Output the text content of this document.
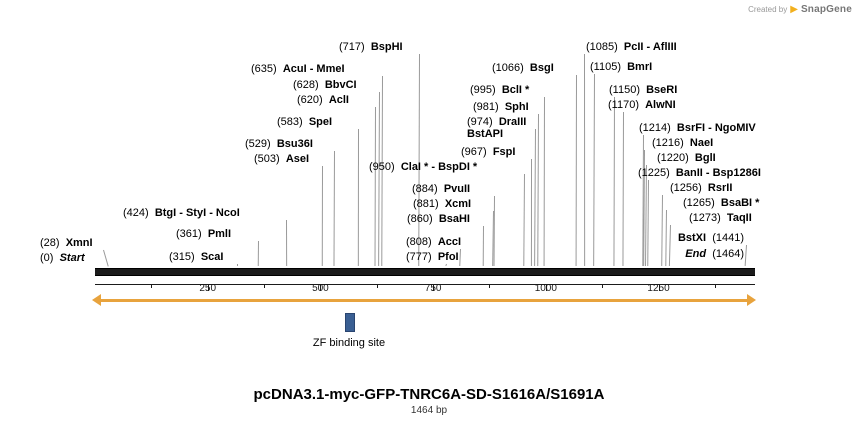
Created by ▶ SnapGene
250	500	750	1000	1250
ZF binding site
(28) XmnI
(0) Start
(424) BtgI - StyI - NcoI
(361) PmlI
(315) ScaI
(529) Bsu36I
(503) AseI
(583) SpeI
(620) AclI
(628) BbvCI
(635) AcuI - MmeI
(717) BspHI
(950) ClaI * - BspDI *
(884) PvuII
(881) XcmI
(860) BsaHI
(808) AccI
(777) PfoI
(967) FspI
(974) DraIII
BstAPI
(981) SphI
(995) BclI *
(1066) BsgI
(1085) PcII - AflIII
(1105) BmrI
(1150) BseRI
(1170) AlwNI
(1214) BsrFI - NgoMIV
(1216) NaeI
(1220) BglI
(1225) BanII - Bsp1286I
(1256) RsrII
(1265) BsaBI *
(1273) TaqII
BstXI (1441)
End (1464)
pcDNA3.1-myc-GFP-TNRC6A-SD-S1616A/S1691A
1464 bp
